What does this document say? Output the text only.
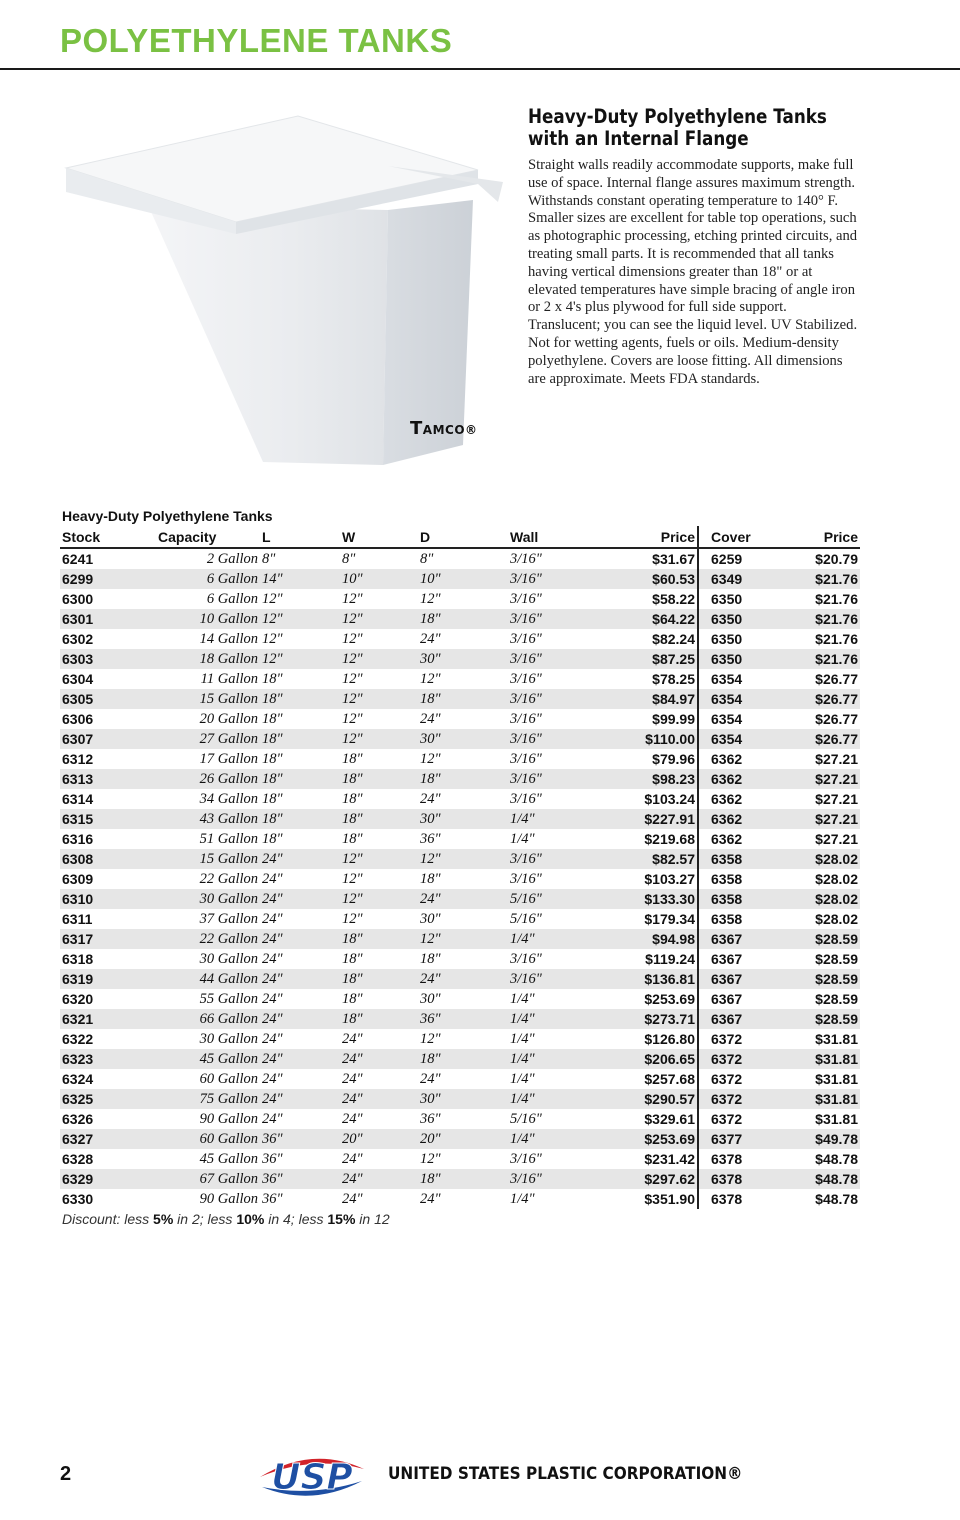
POLYETHYLENE TANKS
TAMCO®
Heavy-Duty Polyethylene Tanks with an Internal Flange

Straight walls readily accommodate supports, make full use of space. Internal flange assures maximum strength. Withstands constant operating temperature to 140° F. Smaller sizes are excellent for table top operations, such as photographic processing, etching printed circuits, and treating small parts. It is recommended that all tanks having vertical dimensions greater than 18" or at elevated temperatures have simple bracing of angle iron or 2 x 4's plus plywood for full side support. Translucent; you can see the liquid level. UV Stabilized. Not for wetting agents, fuels or oils. Medium-density polyethylene. Covers are loose fitting. All dimensions are approximate. Meets FDA standards.

Heavy-Duty Polyethylene Tanks

Stock	Capacity	L	W	D	Wall	Price	Cover	Price
6241	2 Gallon	8"	8"	8"	3/16"	$31.67	6259	$20.79
6299	6 Gallon	14"	10"	10"	3/16"	$60.53	6349	$21.76
6300	6 Gallon	12"	12"	12"	3/16"	$58.22	6350	$21.76
6301	10 Gallon	12"	12"	18"	3/16"	$64.22	6350	$21.76
6302	14 Gallon	12"	12"	24"	3/16"	$82.24	6350	$21.76
6303	18 Gallon	12"	12"	30"	3/16"	$87.25	6350	$21.76
6304	11 Gallon	18"	12"	12"	3/16"	$78.25	6354	$26.77
6305	15 Gallon	18"	12"	18"	3/16"	$84.97	6354	$26.77
6306	20 Gallon	18"	12"	24"	3/16"	$99.99	6354	$26.77
6307	27 Gallon	18"	12"	30"	3/16"	$110.00	6354	$26.77
6312	17 Gallon	18"	18"	12"	3/16"	$79.96	6362	$27.21
6313	26 Gallon	18"	18"	18"	3/16"	$98.23	6362	$27.21
6314	34 Gallon	18"	18"	24"	3/16"	$103.24	6362	$27.21
6315	43 Gallon	18"	18"	30"	1/4"	$227.91	6362	$27.21
6316	51 Gallon	18"	18"	36"	1/4"	$219.68	6362	$27.21
6308	15 Gallon	24"	12"	12"	3/16"	$82.57	6358	$28.02
6309	22 Gallon	24"	12"	18"	3/16"	$103.27	6358	$28.02
6310	30 Gallon	24"	12"	24"	5/16"	$133.30	6358	$28.02
6311	37 Gallon	24"	12"	30"	5/16"	$179.34	6358	$28.02
6317	22 Gallon	24"	18"	12"	1/4"	$94.98	6367	$28.59
6318	30 Gallon	24"	18"	18"	3/16"	$119.24	6367	$28.59
6319	44 Gallon	24"	18"	24"	3/16"	$136.81	6367	$28.59
6320	55 Gallon	24"	18"	30"	1/4"	$253.69	6367	$28.59
6321	66 Gallon	24"	18"	36"	1/4"	$273.71	6367	$28.59
6322	30 Gallon	24"	24"	12"	1/4"	$126.80	6372	$31.81
6323	45 Gallon	24"	24"	18"	1/4"	$206.65	6372	$31.81
6324	60 Gallon	24"	24"	24"	1/4"	$257.68	6372	$31.81
6325	75 Gallon	24"	24"	30"	1/4"	$290.57	6372	$31.81
6326	90 Gallon	24"	24"	36"	5/16"	$329.61	6372	$31.81
6327	60 Gallon	36"	20"	20"	1/4"	$253.69	6377	$49.78
6328	45 Gallon	36"	24"	12"	3/16"	$231.42	6378	$48.78
6329	67 Gallon	36"	24"	18"	3/16"	$297.62	6378	$48.78
6330	90 Gallon	36"	24"	24"	1/4"	$351.90	6378	$48.78

Discount: less 5% in 2; less 10% in 4; less 15% in 12

2	USP UNITED STATES PLASTIC CORPORATION®
